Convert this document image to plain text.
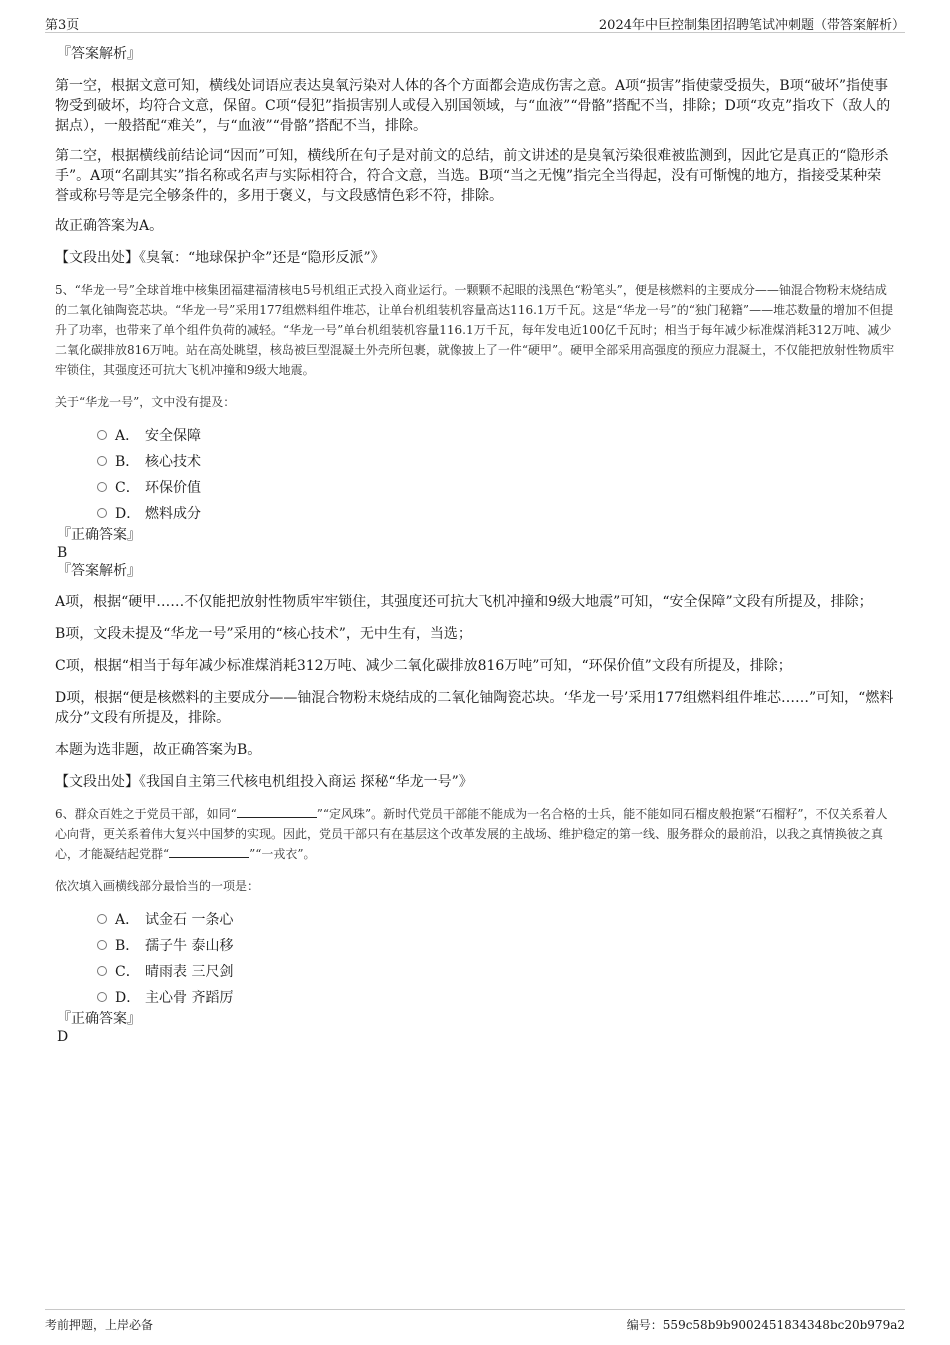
第3页	2024年中巨控制集团招聘笔试冲刺题（带答案解析）
『答案解析』

第一空，根据文意可知，横线处词语应表达臭氧污染对人体的各个方面都会造成伤害之意。A项“损害”指使蒙受损失，B项“破坏”指使事物受到破坏，均符合文意，保留。C项“侵犯”指损害别人或侵入别国领域，与“血液”“骨骼”搭配不当，排除；D项“攻克”指攻下（敌人的据点），一般搭配“难关”，与“血液”“骨骼”搭配不当，排除。

第二空，根据横线前结论词“因而”可知，横线所在句子是对前文的总结，前文讲述的是臭氧污染很难被监测到，因此它是真正的“隐形杀手”。A项“名副其实”指名称或名声与实际相符合，符合文意，当选。B项“当之无愧”指完全当得起，没有可惭愧的地方，指接受某种荣誉或称号等是完全够条件的，多用于褒义，与文段感情色彩不符，排除。

故正确答案为A。

【文段出处】《臭氧：“地球保护伞”还是“隐形反派”》

5、“华龙一号”全球首堆中核集团福建福清核电5号机组正式投入商业运行。一颗颗不起眼的浅黑色“粉笔头”，便是核燃料的主要成分——铀混合物粉末烧结成的二氧化铀陶瓷芯块。“华龙一号”采用177组燃料组件堆芯，让单台机组装机容量高达116.1万千瓦。这是“华龙一号”的“独门秘籍”——堆芯数量的增加不但提升了功率，也带来了单个组件负荷的减轻。“华龙一号”单台机组装机容量116.1万千瓦，每年发电近100亿千瓦时；相当于每年减少标准煤消耗312万吨、减少二氧化碳排放816万吨。站在高处眺望，核岛被巨型混凝土外壳所包裹，就像披上了一件“硬甲”。硬甲全部采用高强度的预应力混凝土，不仅能把放射性物质牢牢锁住，其强度还可抗大飞机冲撞和9级大地震。

关于“华龙一号”，文中没有提及：

A． 安全保障
B． 核心技术
C． 环保价值
D． 燃料成分
『正确答案』
B
『答案解析』

A项，根据“硬甲……不仅能把放射性物质牢牢锁住，其强度还可抗大飞机冲撞和9级大地震”可知，“安全保障”文段有所提及，排除；

B项，文段未提及“华龙一号”采用的“核心技术”，无中生有，当选；

C项，根据“相当于每年减少标准煤消耗312万吨、减少二氧化碳排放816万吨”可知，“环保价值”文段有所提及，排除；

D项，根据“便是核燃料的主要成分——铀混合物粉末烧结成的二氧化铀陶瓷芯块。‘华龙一号’采用177组燃料组件堆芯……”可知，“燃料成分”文段有所提及，排除。

本题为选非题，故正确答案为B。

【文段出处】《我国自主第三代核电机组投入商运 探秘“华龙一号”》

6、群众百姓之于党员干部，如同“	”“定风珠”。新时代党员干部能不能成为一名合格的士兵，能不能如同石榴皮般抱紧“石榴籽”，不仅关系着人心向背，更关系着伟大复兴中国梦的实现。因此，党员干部只有在基层这个改革发展的主战场、维护稳定的第一线、服务群众的最前沿，以我之真情换彼之真心，才能凝结起党群“	”“一戎衣”。

依次填入画横线部分最恰当的一项是：

A． 试金石 一条心
B． 孺子牛 泰山移
C． 晴雨表 三尺剑
D． 主心骨 齐蹈厉
『正确答案』
D
考前押题，上岸必备	编号：559c58b9b9002451834348bc20b979a2
